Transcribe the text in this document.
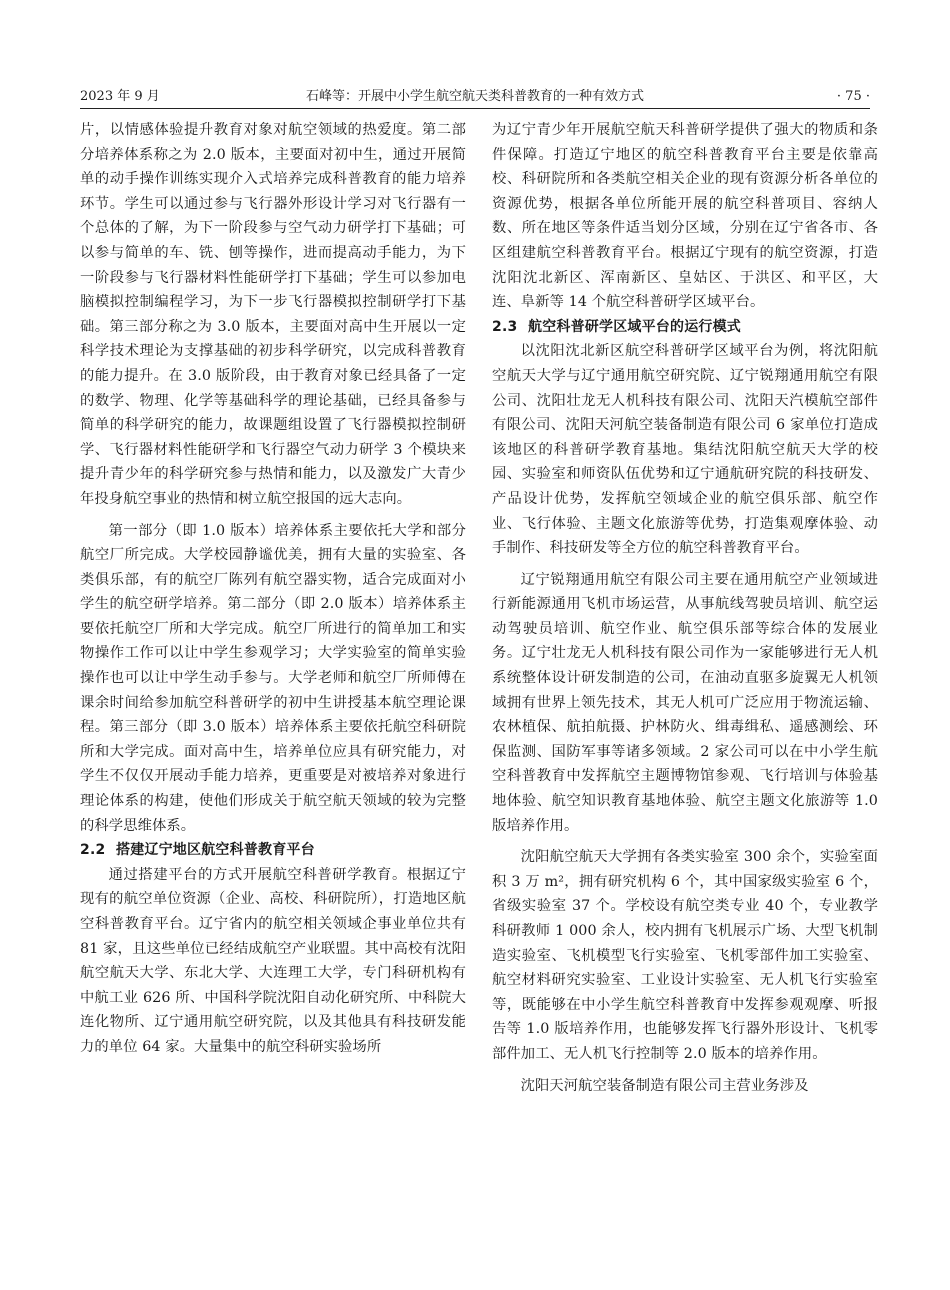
2023 年 9 月	石峰等：开展中小学生航空航天类科普教育的一种有效方式	· 75 ·

片，以情感体验提升教育对象对航空领域的热爱度。第二部分培养体系称之为 2.0 版本，主要面对初中生，通过开展简单的动手操作训练实现介入式培养完成科普教育的能力培养环节。学生可以通过参与飞行器外形设计学习对飞行器有一个总体的了解，为下一阶段参与空气动力研学打下基础；可以参与简单的车、铣、刨等操作，进而提高动手能力，为下一阶段参与飞行器材料性能研学打下基础；学生可以参加电脑模拟控制编程学习，为下一步飞行器模拟控制研学打下基础。第三部分称之为 3.0 版本，主要面对高中生开展以一定科学技术理论为支撑基础的初步科学研究，以完成科普教育的能力提升。在 3.0 版阶段，由于教育对象已经具备了一定的数学、物理、化学等基础科学的理论基础，已经具备参与简单的科学研究的能力，故课题组设置了飞行器模拟控制研学、飞行器材料性能研学和飞行器空气动力研学 3 个模块来提升青少年的科学研究参与热情和能力，以及激发广大青少年投身航空事业的热情和树立航空报国的远大志向。

第一部分（即 1.0 版本）培养体系主要依托大学和部分航空厂所完成。大学校园静谧优美，拥有大量的实验室、各类俱乐部，有的航空厂陈列有航空器实物，适合完成面对小学生的航空研学培养。第二部分（即 2.0 版本）培养体系主要依托航空厂所和大学完成。航空厂所进行的简单加工和实物操作工作可以让中学生参观学习；大学实验室的简单实验操作也可以让中学生动手参与。大学老师和航空厂所师傅在课余时间给参加航空科普研学的初中生讲授基本航空理论课程。第三部分（即 3.0 版本）培养体系主要依托航空科研院所和大学完成。面对高中生，培养单位应具有研究能力，对学生不仅仅开展动手能力培养，更重要是对被培养对象进行理论体系的构建，使他们形成关于航空航天领域的较为完整的科学思维体系。

2.2 搭建辽宁地区航空科普教育平台

通过搭建平台的方式开展航空科普研学教育。根据辽宁现有的航空单位资源（企业、高校、科研院所），打造地区航空科普教育平台。辽宁省内的航空相关领域企事业单位共有 81 家，且这些单位已经结成航空产业联盟。其中高校有沈阳航空航天大学、东北大学、大连理工大学，专门科研机构有中航工业 626 所、中国科学院沈阳自动化研究所、中科院大连化物所、辽宁通用航空研究院，以及其他具有科技研发能力的单位 64 家。大量集中的航空科研实验场所

为辽宁青少年开展航空航天科普研学提供了强大的物质和条件保障。打造辽宁地区的航空科普教育平台主要是依靠高校、科研院所和各类航空相关企业的现有资源分析各单位的资源优势，根据各单位所能开展的航空科普项目、容纳人数、所在地区等条件适当划分区域，分别在辽宁省各市、各区组建航空科普教育平台。根据辽宁现有的航空资源，打造沈阳沈北新区、浑南新区、皇姑区、于洪区、和平区，大连、阜新等 14 个航空科普研学区域平台。

2.3 航空科普研学区域平台的运行模式

以沈阳沈北新区航空科普研学区域平台为例，将沈阳航空航天大学与辽宁通用航空研究院、辽宁锐翔通用航空有限公司、沈阳壮龙无人机科技有限公司、沈阳天汽模航空部件有限公司、沈阳天河航空装备制造有限公司 6 家单位打造成该地区的科普研学教育基地。集结沈阳航空航天大学的校园、实验室和师资队伍优势和辽宁通航研究院的科技研发、产品设计优势，发挥航空领域企业的航空俱乐部、航空作业、飞行体验、主题文化旅游等优势，打造集观摩体验、动手制作、科技研发等全方位的航空科普教育平台。

辽宁锐翔通用航空有限公司主要在通用航空产业领域进行新能源通用飞机市场运营，从事航线驾驶员培训、航空运动驾驶员培训、航空作业、航空俱乐部等综合体的发展业务。辽宁壮龙无人机科技有限公司作为一家能够进行无人机系统整体设计研发制造的公司，在油动直驱多旋翼无人机领域拥有世界上领先技术，其无人机可广泛应用于物流运输、农林植保、航拍航摄、护林防火、缉毒缉私、遥感测绘、环保监测、国防军事等诸多领域。2 家公司可以在中小学生航空科普教育中发挥航空主题博物馆参观、飞行培训与体验基地体验、航空知识教育基地体验、航空主题文化旅游等 1.0 版培养作用。

沈阳航空航天大学拥有各类实验室 300 余个，实验室面积 3 万 m²，拥有研究机构 6 个，其中国家级实验室 6 个，省级实验室 37 个。学校设有航空类专业 40 个，专业教学科研教师 1 000 余人，校内拥有飞机展示广场、大型飞机制造实验室、飞机模型飞行实验室、飞机零部件加工实验室、航空材料研究实验室、工业设计实验室、无人机飞行实验室等，既能够在中小学生航空科普教育中发挥参观观摩、听报告等 1.0 版培养作用，也能够发挥飞行器外形设计、飞机零部件加工、无人机飞行控制等 2.0 版本的培养作用。

沈阳天河航空装备制造有限公司主营业务涉及
